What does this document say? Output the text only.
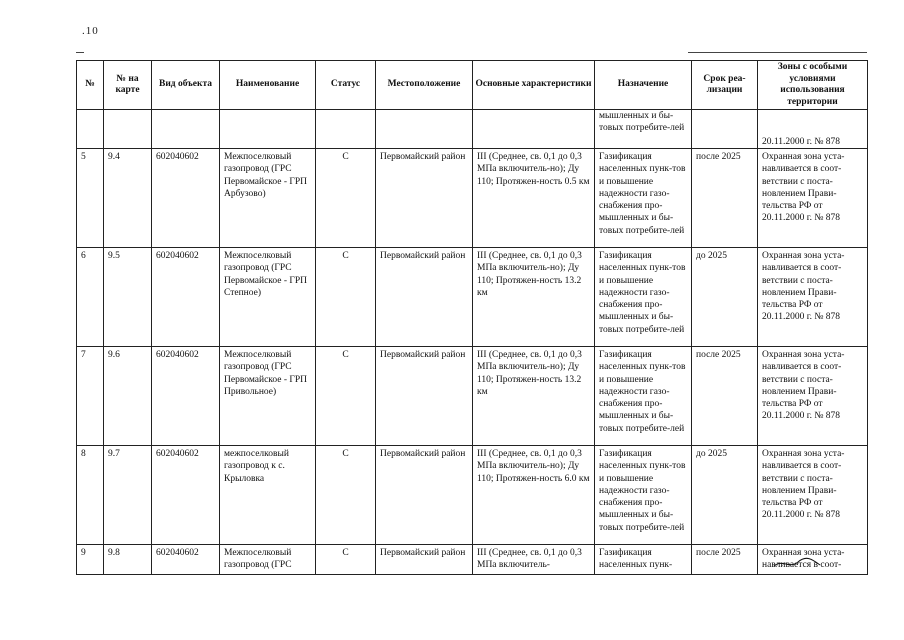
.10
№	№ на карте	Вид объекта	Наименование	Статус	Местоположение	Основные характеристики	Назначение	Срок реа-лизации	Зоны с особыми условиями использования территории
							мышленных и бы-товых потребите-лей		20.11.2000 г. № 878
5	9.4	602040602	Межпоселковый газопровод (ГРС Первомайское - ГРП Арбузово)	С	Первомайский район	III (Среднее, св. 0,1 до 0,3 МПа включитель-но); Ду 110; Протяжен-ность 0.5 км	Газификация населенных пунк-тов и повышение надежности газо-снабжения про-мышленных и бы-товых потребите-лей	после 2025	Охранная зона уста-навливается в соот-ветствии с поста-новлением Прави-тельства РФ от 20.11.2000 г. № 878
6	9.5	602040602	Межпоселковый газопровод (ГРС Первомайское - ГРП Степное)	С	Первомайский район	III (Среднее, св. 0,1 до 0,3 МПа включитель-но); Ду 110; Протяжен-ность 13.2 км	Газификация населенных пунк-тов и повышение надежности газо-снабжения про-мышленных и бы-товых потребите-лей	до 2025	Охранная зона уста-навливается в соот-ветствии с поста-новлением Прави-тельства РФ от 20.11.2000 г. № 878
7	9.6	602040602	Межпоселковый газопровод (ГРС Первомайское - ГРП Привольное)	С	Первомайский район	III (Среднее, св. 0,1 до 0,3 МПа включитель-но); Ду 110; Протяжен-ность 13.2 км	Газификация населенных пунк-тов и повышение надежности газо-снабжения про-мышленных и бы-товых потребите-лей	после 2025	Охранная зона уста-навливается в соот-ветствии с поста-новлением Прави-тельства РФ от 20.11.2000 г. № 878
8	9.7	602040602	межпоселковый газопровод к с. Крыловка	С	Первомайский район	III (Среднее, св. 0,1 до 0,3 МПа включитель-но); Ду 110; Протяжен-ность 6.0 км	Газификация населенных пунк-тов и повышение надежности газо-снабжения про-мышленных и бы-товых потребите-лей	до 2025	Охранная зона уста-навливается в соот-ветствии с поста-новлением Прави-тельства РФ от 20.11.2000 г. № 878
9	9.8	602040602	Межпоселковый газопровод (ГРС	С	Первомайский район	III (Среднее, св. 0,1 до 0,3 МПа включитель-	Газификация населенных пунк-	после 2025	Охранная зона уста-навливается в соот-
